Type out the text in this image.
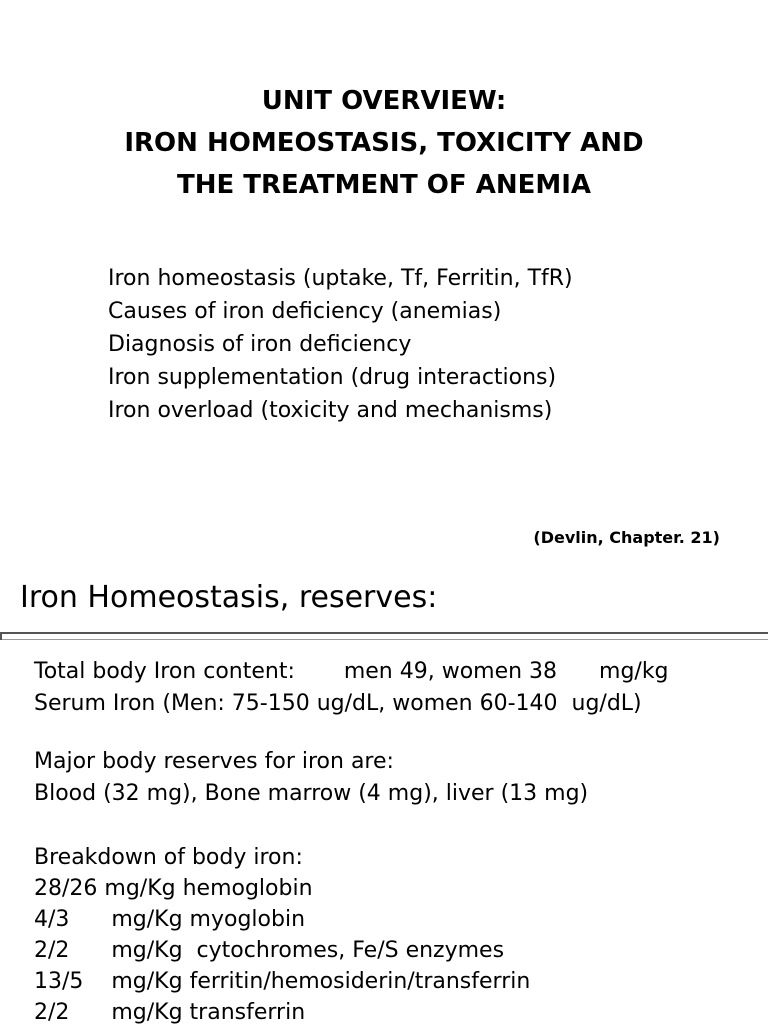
UNIT OVERVIEW:
IRON HOMEOSTASIS, TOXICITY AND
THE TREATMENT OF ANEMIA
Iron homeostasis (uptake, Tf, Ferritin, TfR)
Causes of iron deficiency (anemias)
Diagnosis of iron deficiency
Iron supplementation (drug interactions)
Iron overload (toxicity and mechanisms)
(Devlin, Chapter. 21)
Iron Homeostasis, reserves:
Total body Iron content:       men 49, women 38      mg/kg
Serum Iron (Men: 75-150 ug/dL, women 60-140  ug/dL)
Major body reserves for iron are:
Blood (32 mg), Bone marrow (4 mg), liver (13 mg)
Breakdown of body iron:
28/26 mg/Kg hemoglobin
4/3      mg/Kg myoglobin
2/2      mg/Kg  cytochromes, Fe/S enzymes
13/5    mg/Kg ferritin/hemosiderin/transferrin
2/2      mg/Kg transferrin
